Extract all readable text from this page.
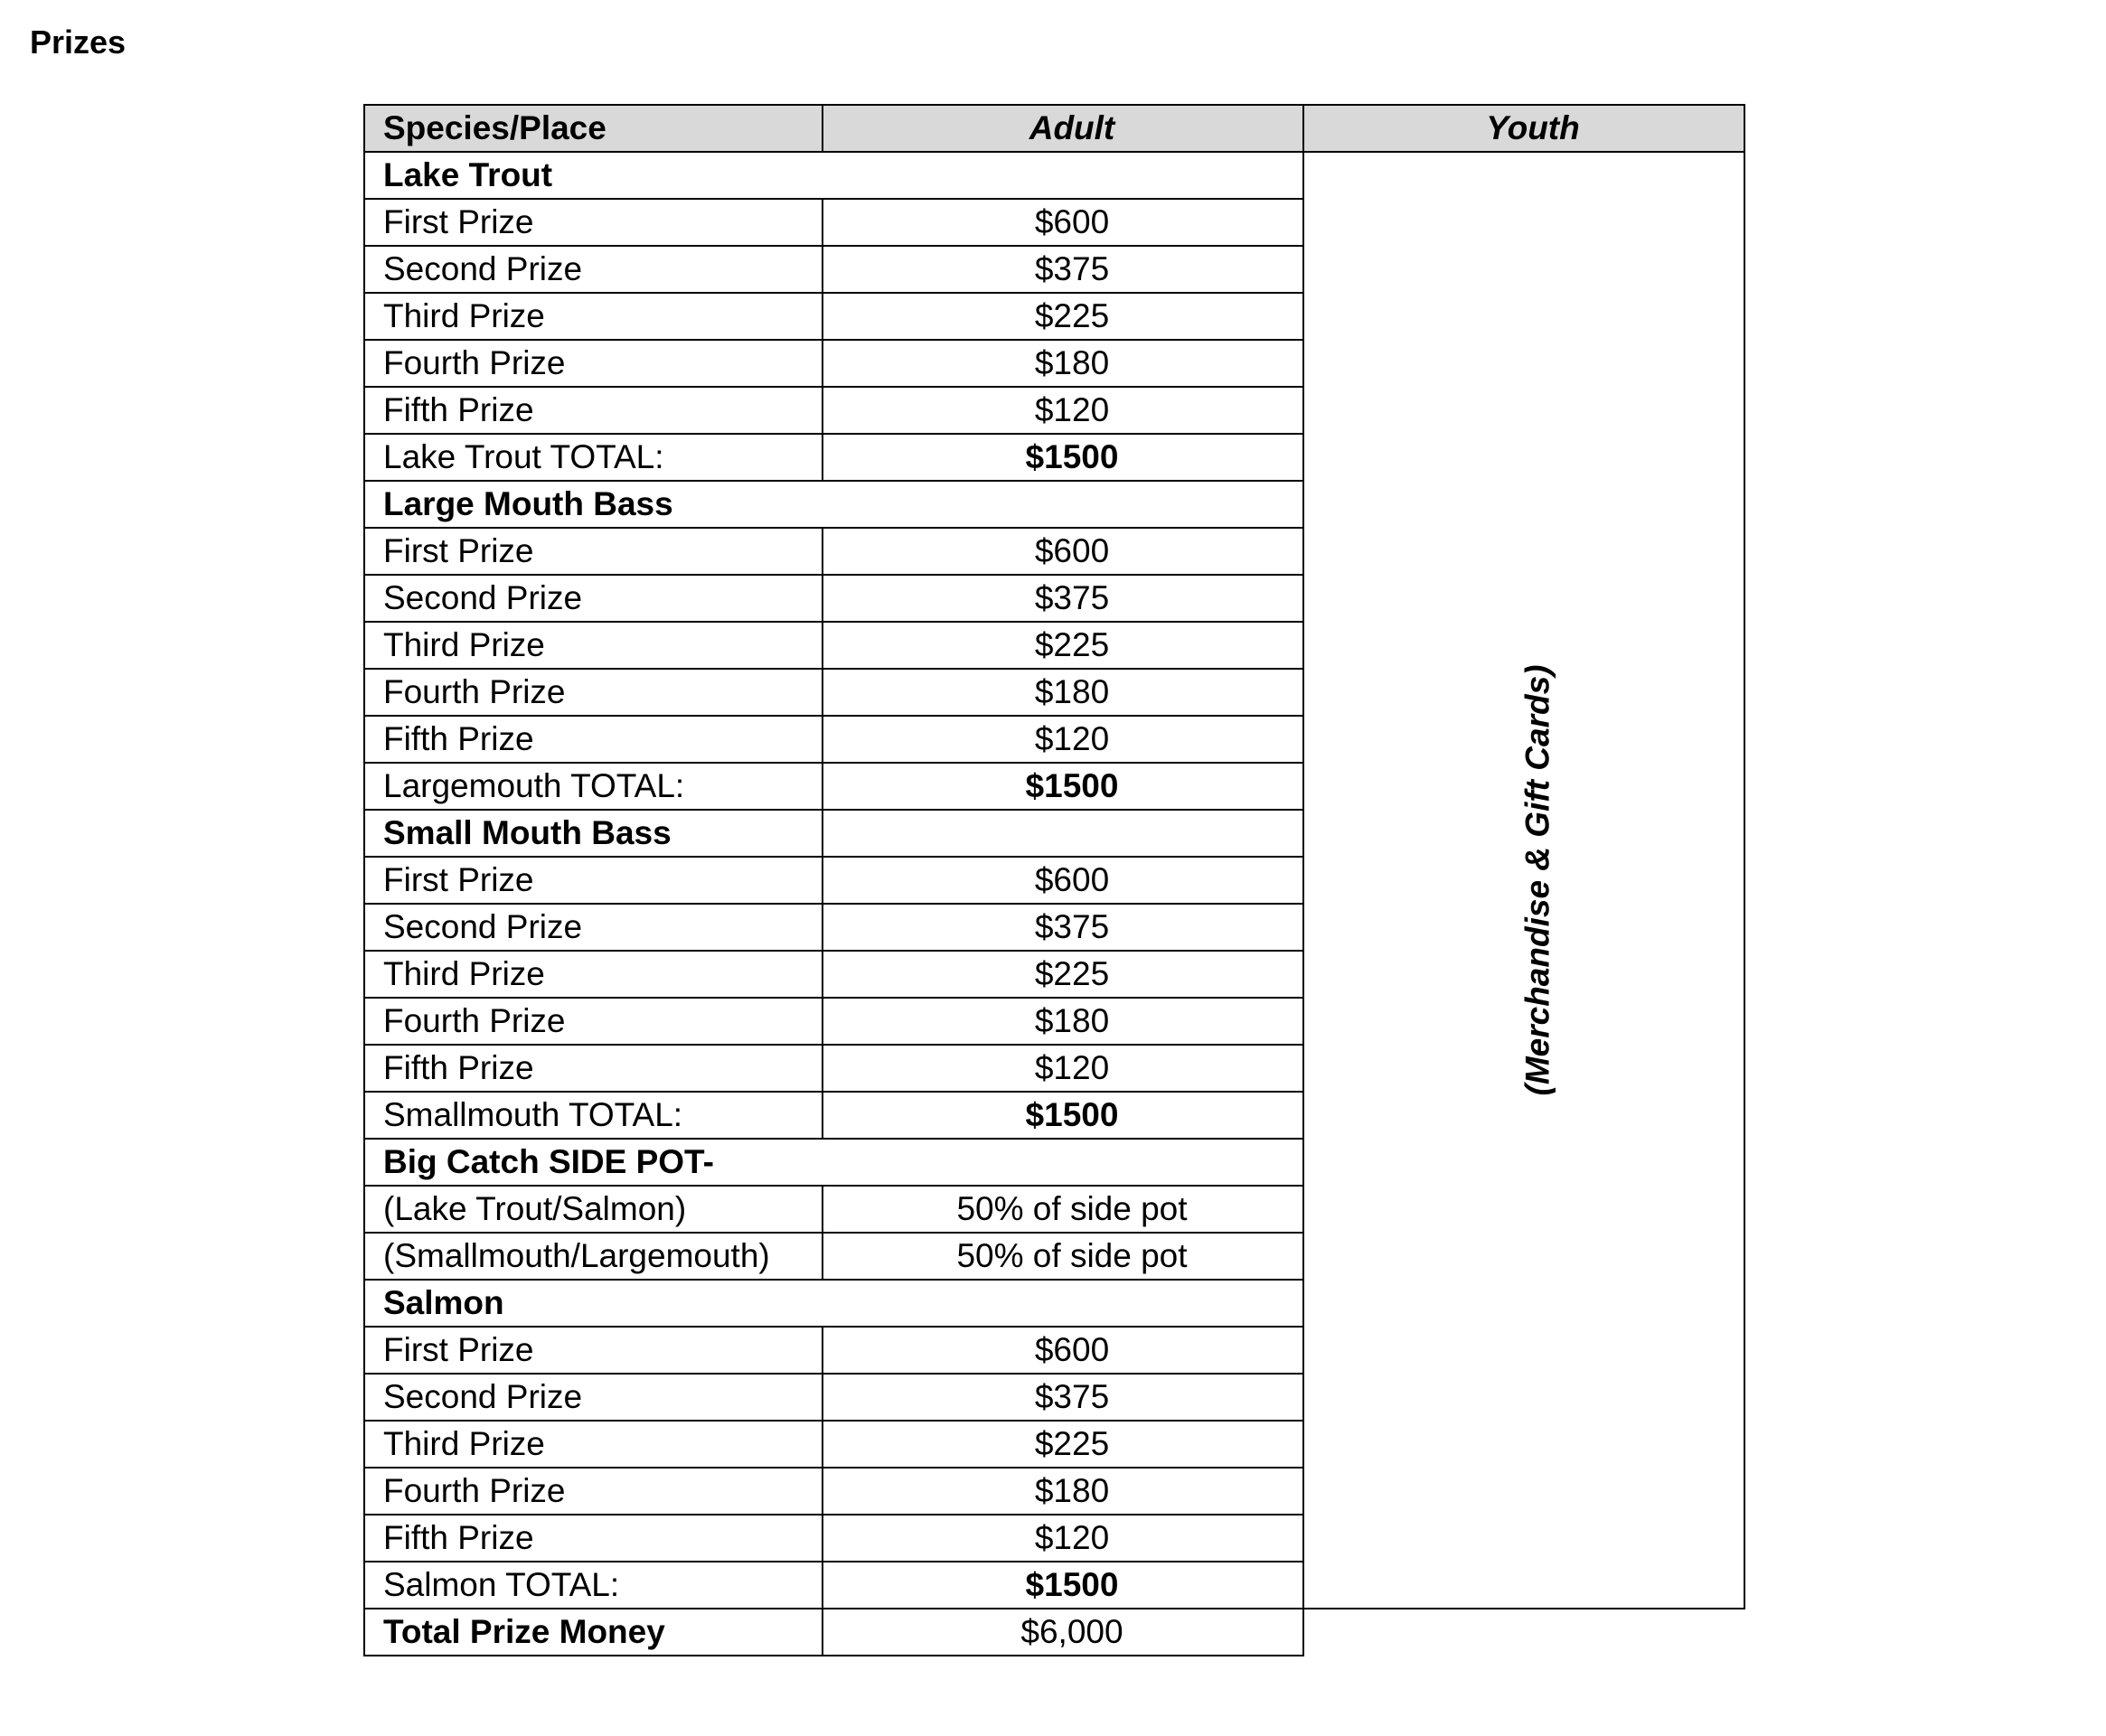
Prizes
Species/Place	Adult	Youth
Lake Trout		(Merchandise & Gift Cards)
First Prize	$600	
Second Prize	$375	
Third Prize	$225	
Fourth Prize	$180	
Fifth Prize	$120	
Lake Trout TOTAL:	$1500	
Large Mouth Bass		
First Prize	$600	
Second Prize	$375	
Third Prize	$225	
Fourth Prize	$180	
Fifth Prize	$120	
Largemouth TOTAL:	$1500	
Small Mouth Bass		
First Prize	$600	
Second Prize	$375	
Third Prize	$225	
Fourth Prize	$180	
Fifth Prize	$120	
Smallmouth TOTAL:	$1500	
Big Catch SIDE POT-		
(Lake Trout/Salmon)	50% of side pot	
(Smallmouth/Largemouth)	50% of side pot	
Salmon		
First Prize	$600	
Second Prize	$375	
Third Prize	$225	
Fourth Prize	$180	
Fifth Prize	$120	
Salmon TOTAL:	$1500	
Total Prize Money	$6,000	
